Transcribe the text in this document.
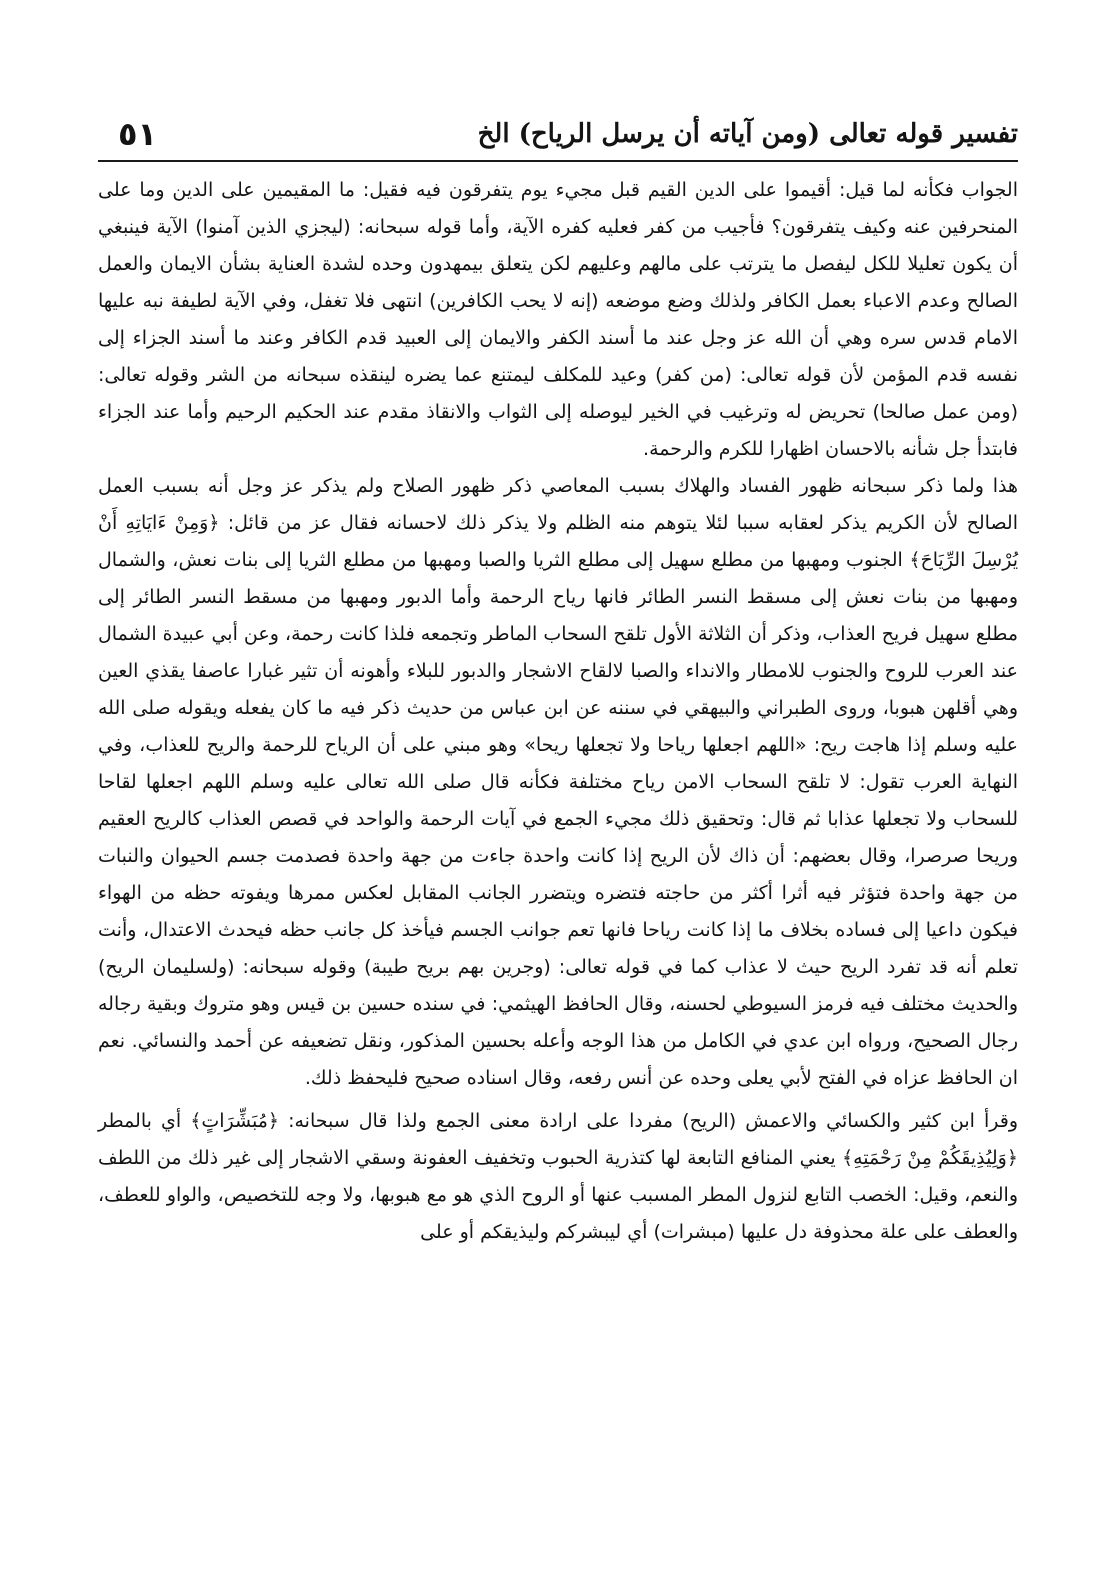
٥١	تفسير قوله تعالى (ومن آياته أن يرسل الرياح) الخ

الجواب فكأنه لما قيل: أقيموا على الدين القيم قبل مجيء يوم يتفرقون فيه فقيل: ما المقيمين على الدين وما على المنحرفين عنه وكيف يتفرقون؟ فأجيب من كفر فعليه كفره الآية، وأما قوله سبحانه: (ليجزي الذين آمنوا) الآية فينبغي أن يكون تعليلا للكل ليفصل ما يترتب على مالهم وعليهم لكن يتعلق بيمهدون وحده لشدة العناية بشأن الايمان والعمل الصالح وعدم الاعباء بعمل الكافر ولذلك وضع موضعه (إنه لا يحب الكافرين) انتهى فلا تغفل، وفي الآية لطيفة نبه عليها الامام قدس سره وهي أن الله عز وجل عند ما أسند الكفر والايمان إلى العبيد قدم الكافر وعند ما أسند الجزاء إلى نفسه قدم المؤمن لأن قوله تعالى: (من كفر) وعيد للمكلف ليمتنع عما يضره لينقذه سبحانه من الشر وقوله تعالى: (ومن عمل صالحا) تحريض له وترغيب في الخير ليوصله إلى الثواب والانقاذ مقدم عند الحكيم الرحيم وأما عند الجزاء فابتدأ جل شأنه بالاحسان اظهارا للكرم والرحمة.

هذا ولما ذكر سبحانه ظهور الفساد والهلاك بسبب المعاصي ذكر ظهور الصلاح ولم يذكر عز وجل أنه بسبب العمل الصالح لأن الكريم يذكر لعقابه سببا لئلا يتوهم منه الظلم ولا يذكر ذلك لاحسانه فقال عز من قائل: ﴿وَمِنْ ءَايَاتِهِ أَنْ يُرْسِلَ الرِّيَاحَ﴾ الجنوب ومهبها من مطلع سهيل إلى مطلع الثريا والصبا ومهبها من مطلع الثريا إلى بنات نعش، والشمال ومهبها من بنات نعش إلى مسقط النسر الطائر فانها رياح الرحمة وأما الدبور ومهبها من مسقط النسر الطائر إلى مطلع سهيل فريح العذاب، وذكر أن الثلاثة الأول تلقح السحاب الماطر وتجمعه فلذا كانت رحمة، وعن أبي عبيدة الشمال عند العرب للروح والجنوب للامطار والانداء والصبا لالقاح الاشجار والدبور للبلاء وأهونه أن تثير غبارا عاصفا يقذي العين وهي أقلهن هبوبا، وروى الطبراني والبيهقي في سننه عن ابن عباس من حديث ذكر فيه ما كان يفعله ويقوله صلى الله عليه وسلم إذا هاجت ريح: «اللهم اجعلها رياحا ولا تجعلها ريحا» وهو مبني على أن الرياح للرحمة والريح للعذاب، وفي النهاية العرب تقول: لا تلقح السحاب الامن رياح مختلفة فكأنه قال صلى الله تعالى عليه وسلم اللهم اجعلها لقاحا للسحاب ولا تجعلها عذابا ثم قال: وتحقيق ذلك مجيء الجمع في آيات الرحمة والواحد في قصص العذاب كالريح العقيم وريحا صرصرا، وقال بعضهم: أن ذاك لأن الريح إذا كانت واحدة جاءت من جهة واحدة فصدمت جسم الحيوان والنبات من جهة واحدة فتؤثر فيه أثرا أكثر من حاجته فتضره ويتضرر الجانب المقابل لعكس ممرها ويفوته حظه من الهواء فيكون داعيا إلى فساده بخلاف ما إذا كانت رياحا فانها تعم جوانب الجسم فيأخذ كل جانب حظه فيحدث الاعتدال، وأنت تعلم أنه قد تفرد الريح حيث لا عذاب كما في قوله تعالى: (وجرين بهم بريح طيبة) وقوله سبحانه: (ولسليمان الريح) والحديث مختلف فيه فرمز السيوطي لحسنه، وقال الحافظ الهيثمي: في سنده حسين بن قيس وهو متروك وبقية رجاله رجال الصحيح، ورواه ابن عدي في الكامل من هذا الوجه وأعله بحسين المذكور، ونقل تضعيفه عن أحمد والنسائي. نعم ان الحافظ عزاه في الفتح لأبي يعلى وحده عن أنس رفعه، وقال اسناده صحيح فليحفظ ذلك.

وقرأ ابن كثير والكسائي والاعمش (الريح) مفردا على ارادة معنى الجمع ولذا قال سبحانه: ﴿مُبَشِّرَاتٍ﴾ أي بالمطر ﴿وَلِيُذِيقَكُمْ مِنْ رَحْمَتِهِ﴾ يعني المنافع التابعة لها كتذرية الحبوب وتخفيف العفونة وسقي الاشجار إلى غير ذلك من اللطف والنعم، وقيل: الخصب التابع لنزول المطر المسبب عنها أو الروح الذي هو مع هبوبها، ولا وجه للتخصيص، والواو للعطف، والعطف على علة محذوفة دل عليها (مبشرات) أي ليبشركم وليذيقكم أو على
